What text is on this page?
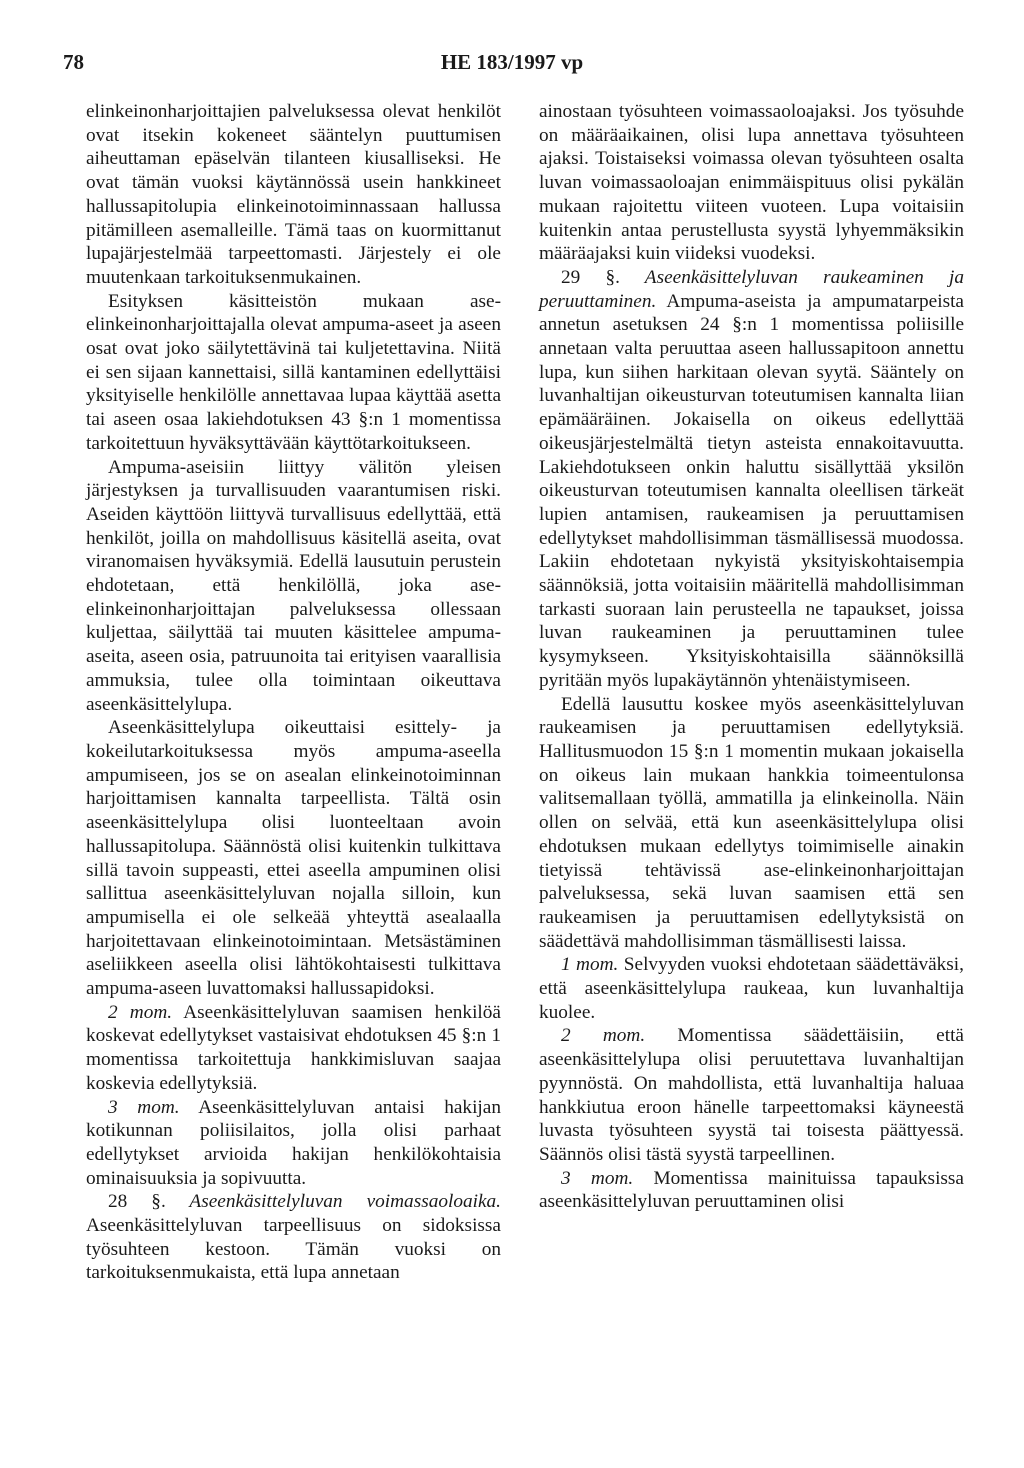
78	HE 183/1997 vp

elinkeinonharjoittajien palveluksessa olevat henkilöt ovat itsekin kokeneet sääntelyn puuttumisen aiheuttaman epäselvän tilanteen kiusalliseksi. He ovat tämän vuoksi käytännössä usein hankkineet hallussapitolupia elinkeinotoiminnassaan hallussa pitämilleen asemalleille. Tämä taas on kuormittanut lupajärjestelmää tarpeettomasti. Järjestely ei ole muutenkaan tarkoituksenmukainen.

Esityksen käsitteistön mukaan ase-elinkeinonharjoittajalla olevat ampuma-aseet ja aseen osat ovat joko säilytettävinä tai kuljetettavina. Niitä ei sen sijaan kannettaisi, sillä kantaminen edellyttäisi yksityiselle henkilölle annettavaa lupaa käyttää asetta tai aseen osaa lakiehdotuksen 43 §:n 1 momentissa tarkoitettuun hyväksyttävään käyttötarkoitukseen.

Ampuma-aseisiin liittyy välitön yleisen järjestyksen ja turvallisuuden vaarantumisen riski. Aseiden käyttöön liittyvä turvallisuus edellyttää, että henkilöt, joilla on mahdollisuus käsitellä aseita, ovat viranomaisen hyväksymiä. Edellä lausutuin perustein ehdotetaan, että henkilöllä, joka ase-elinkeinonharjoittajan palveluksessa ollessaan kuljettaa, säilyttää tai muuten käsittelee ampuma-aseita, aseen osia, patruunoita tai erityisen vaarallisia ammuksia, tulee olla toimintaan oikeuttava aseenkäsittelylupa.

Aseenkäsittelylupa oikeuttaisi esittely- ja kokeilutarkoituksessa myös ampuma-aseella ampumiseen, jos se on asealan elinkeinotoiminnan harjoittamisen kannalta tarpeellista. Tältä osin aseenkäsittelylupa olisi luonteeltaan avoin hallussapitolupa. Säännöstä olisi kuitenkin tulkittava sillä tavoin suppeasti, ettei aseella ampuminen olisi sallittua aseenkäsittelyluvan nojalla silloin, kun ampumisella ei ole selkeää yhteyttä asealaalla harjoitettavaan elinkeinotoimintaan. Metsästäminen aseliikkeen aseella olisi lähtökohtaisesti tulkittava ampuma-aseen luvattomaksi hallussapidoksi.

2 mom. Aseenkäsittelyluvan saamisen henkilöä koskevat edellytykset vastaisivat ehdotuksen 45 §:n 1 momentissa tarkoitettuja hankkimisluvan saajaa koskevia edellytyksiä.

3 mom. Aseenkäsittelyluvan antaisi hakijan kotikunnan poliisilaitos, jolla olisi parhaat edellytykset arvioida hakijan henkilökohtaisia ominaisuuksia ja sopivuutta.

28 §. Aseenkäsittelyluvan voimassaoloaika. Aseenkäsittelyluvan tarpeellisuus on sidoksissa työsuhteen kestoon. Tämän vuoksi on tarkoituksenmukaista, että lupa annetaan

ainostaan työsuhteen voimassaoloajaksi. Jos työsuhde on määräaikainen, olisi lupa annettava työsuhteen ajaksi. Toistaiseksi voimassa olevan työsuhteen osalta luvan voimassaoloajan enimmäispituus olisi pykälän mukaan rajoitettu viiteen vuoteen. Lupa voitaisiin kuitenkin antaa perustellusta syystä lyhyemmäksikin määräajaksi kuin viideksi vuodeksi.

29 §. Aseenkäsittelyluvan raukeaminen ja peruuttaminen. Ampuma-aseista ja ampumatarpeista annetun asetuksen 24 §:n 1 momentissa poliisille annetaan valta peruuttaa aseen hallussapitoon annettu lupa, kun siihen harkitaan olevan syytä. Sääntely on luvanhaltijan oikeusturvan toteutumisen kannalta liian epämääräinen. Jokaisella on oikeus edellyttää oikeusjärjestelmältä tietyn asteista ennakoitavuutta. Lakiehdotukseen onkin haluttu sisällyttää yksilön oikeusturvan toteutumisen kannalta oleellisen tärkeät lupien antamisen, raukeamisen ja peruuttamisen edellytykset mahdollisimman täsmällisessä muodossa. Lakiin ehdotetaan nykyistä yksityiskohtaisempia säännöksiä, jotta voitaisiin määritellä mahdollisimman tarkasti suoraan lain perusteella ne tapaukset, joissa luvan raukeaminen ja peruuttaminen tulee kysymykseen. Yksityiskohtaisilla säännöksillä pyritään myös lupakäytännön yhtenäistymiseen.

Edellä lausuttu koskee myös aseenkäsittelyluvan raukeamisen ja peruuttamisen edellytyksiä. Hallitusmuodon 15 §:n 1 momentin mukaan jokaisella on oikeus lain mukaan hankkia toimeentulonsa valitsemallaan työllä, ammatilla ja elinkeinolla. Näin ollen on selvää, että kun aseenkäsittelylupa olisi ehdotuksen mukaan edellytys toimimiselle ainakin tietyissä tehtävissä ase-elinkeinonharjoittajan palveluksessa, sekä luvan saamisen että sen raukeamisen ja peruuttamisen edellytyksistä on säädettävä mahdollisimman täsmällisesti laissa.

1 mom. Selvyyden vuoksi ehdotetaan säädettäväksi, että aseenkäsittelylupa raukeaa, kun luvanhaltija kuolee.

2 mom. Momentissa säädettäisiin, että aseenkäsittelylupa olisi peruutettava luvanhaltijan pyynnöstä. On mahdollista, että luvanhaltija haluaa hankkiutua eroon hänelle tarpeettomaksi käyneestä luvasta työsuhteen syystä tai toisesta päättyessä. Säännös olisi tästä syystä tarpeellinen.

3 mom. Momentissa mainituissa tapauksissa aseenkäsittelyluvan peruuttaminen olisi
